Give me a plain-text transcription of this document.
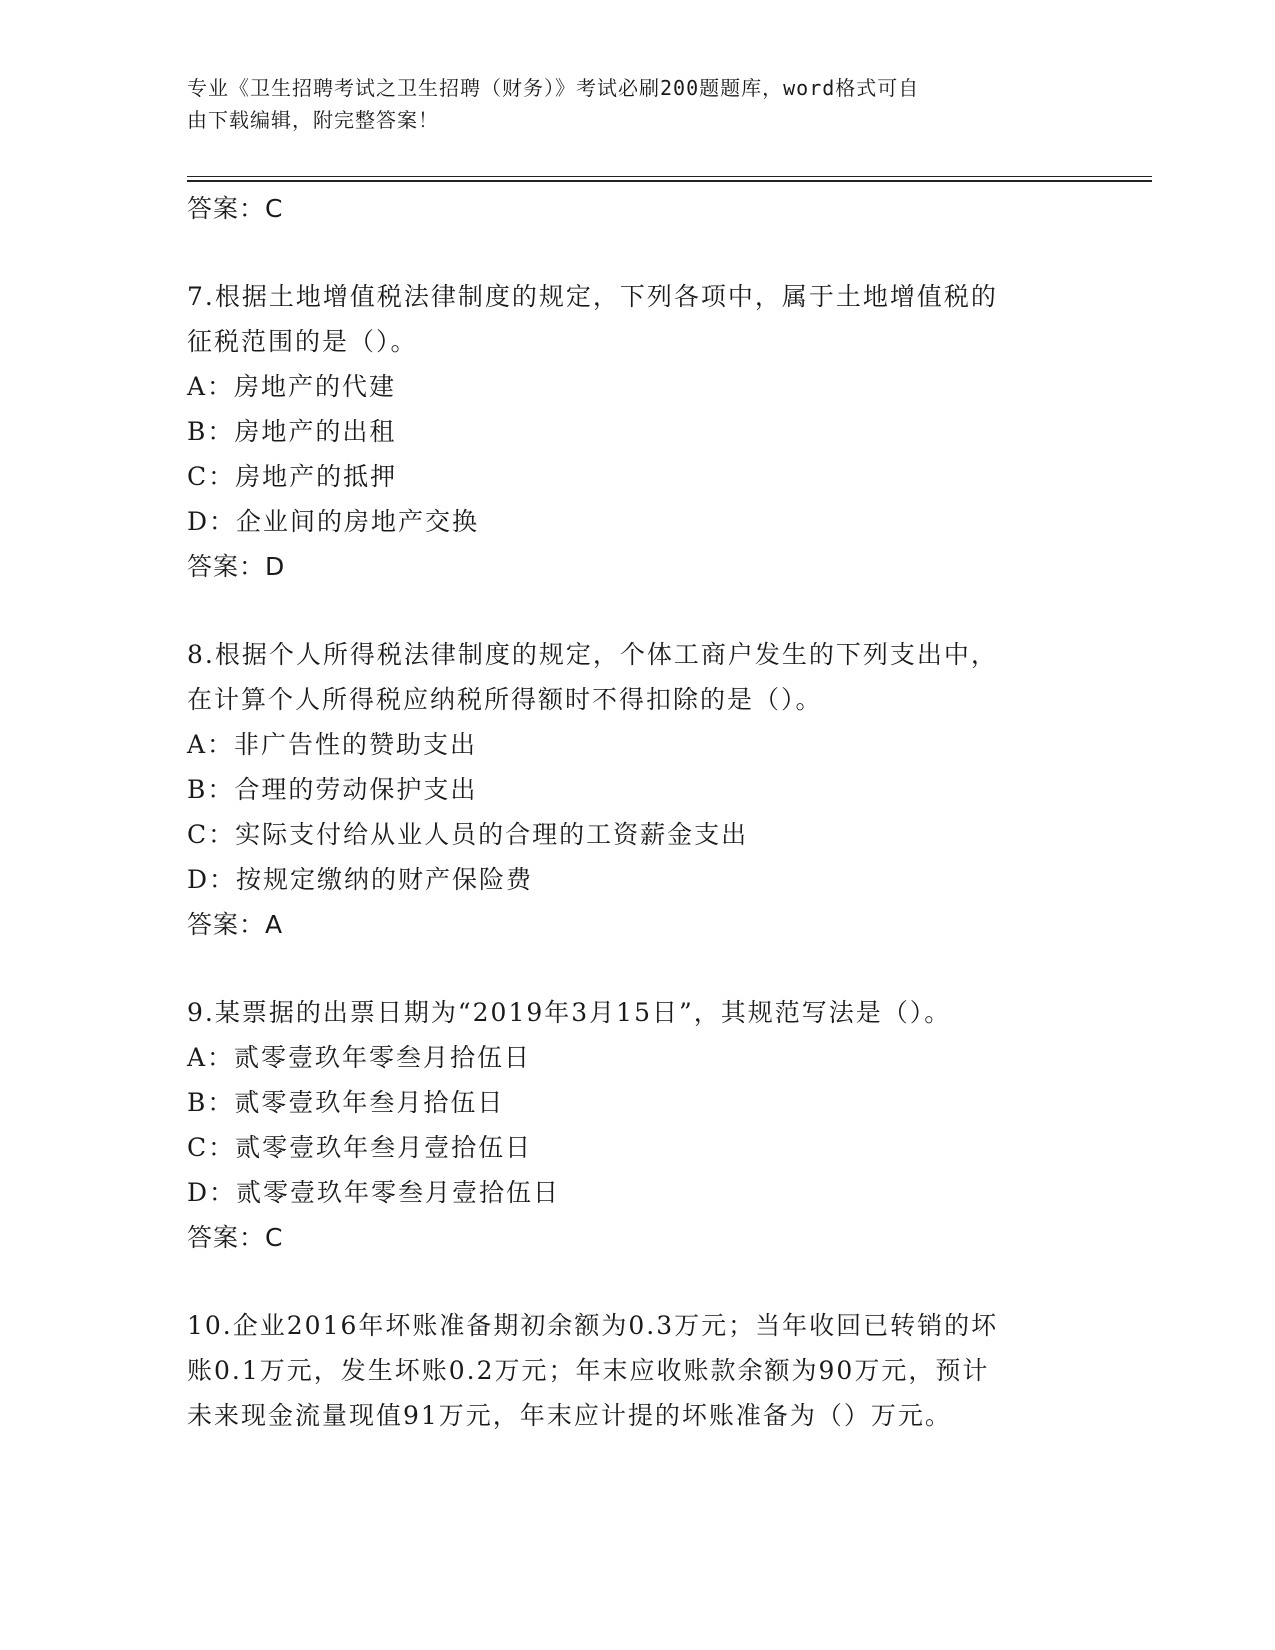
专业《卫生招聘考试之卫生招聘（财务）》考试必刷200题题库，word格式可自
由下载编辑，附完整答案！
答案：C
7.根据土地增值税法律制度的规定，下列各项中，属于土地增值税的
征税范围的是（）。
A：房地产的代建
B：房地产的出租
C：房地产的抵押
D：企业间的房地产交换
答案：D
8.根据个人所得税法律制度的规定，个体工商户发生的下列支出中，
在计算个人所得税应纳税所得额时不得扣除的是（）。
A：非广告性的赞助支出
B：合理的劳动保护支出
C：实际支付给从业人员的合理的工资薪金支出
D：按规定缴纳的财产保险费
答案：A
9.某票据的出票日期为“2019年3月15日”，其规范写法是（）。
A：贰零壹玖年零叁月拾伍日
B：贰零壹玖年叁月拾伍日
C：贰零壹玖年叁月壹拾伍日
D：贰零壹玖年零叁月壹拾伍日
答案：C
10.企业2016年坏账准备期初余额为0.3万元；当年收回已转销的坏
账0.1万元，发生坏账0.2万元；年末应收账款余额为90万元，预计
未来现金流量现值91万元，年末应计提的坏账准备为（）万元。
